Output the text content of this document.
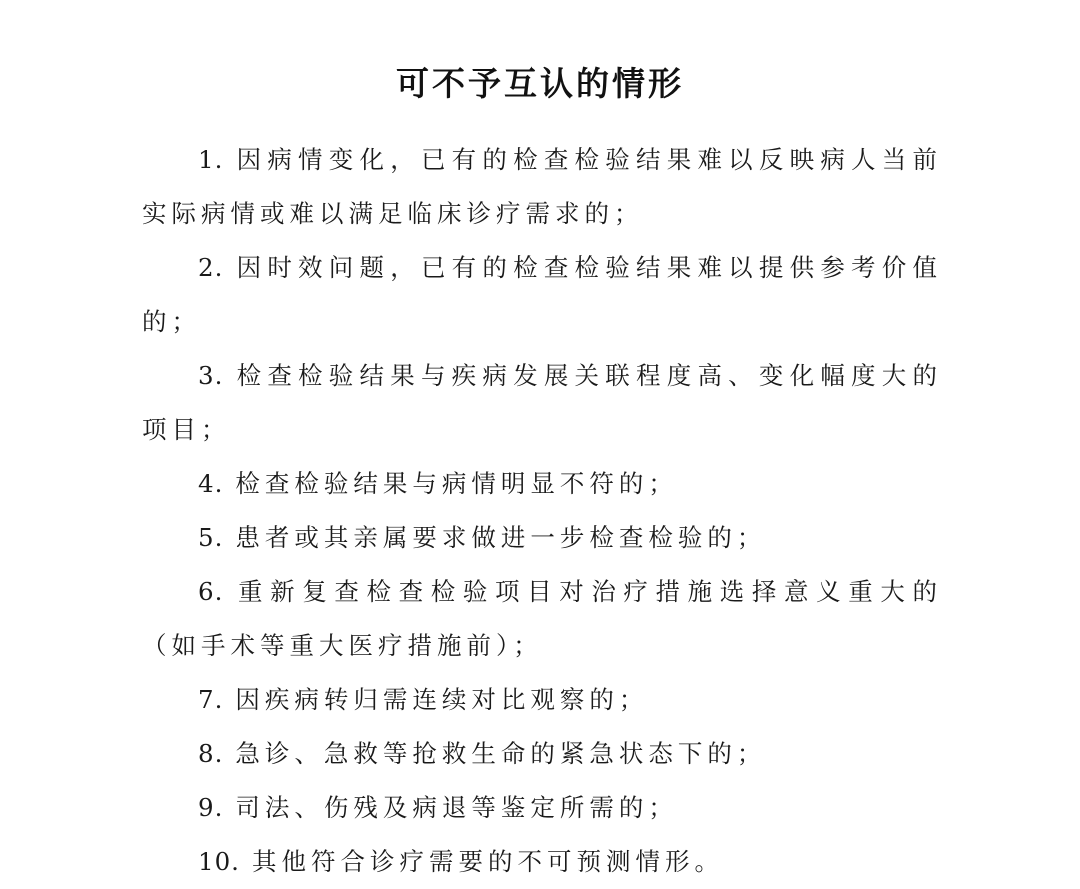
可不予互认的情形
1. 因病情变化，已有的检查检验结果难以反映病人当前实际病情或难以满足临床诊疗需求的；
2. 因时效问题，已有的检查检验结果难以提供参考价值的；
3. 检查检验结果与疾病发展关联程度高、变化幅度大的项目；
4. 检查检验结果与病情明显不符的；
5. 患者或其亲属要求做进一步检查检验的；
6. 重新复查检查检验项目对治疗措施选择意义重大的（如手术等重大医疗措施前）；
7. 因疾病转归需连续对比观察的；
8. 急诊、急救等抢救生命的紧急状态下的；
9. 司法、伤残及病退等鉴定所需的；
10. 其他符合诊疗需要的不可预测情形。
